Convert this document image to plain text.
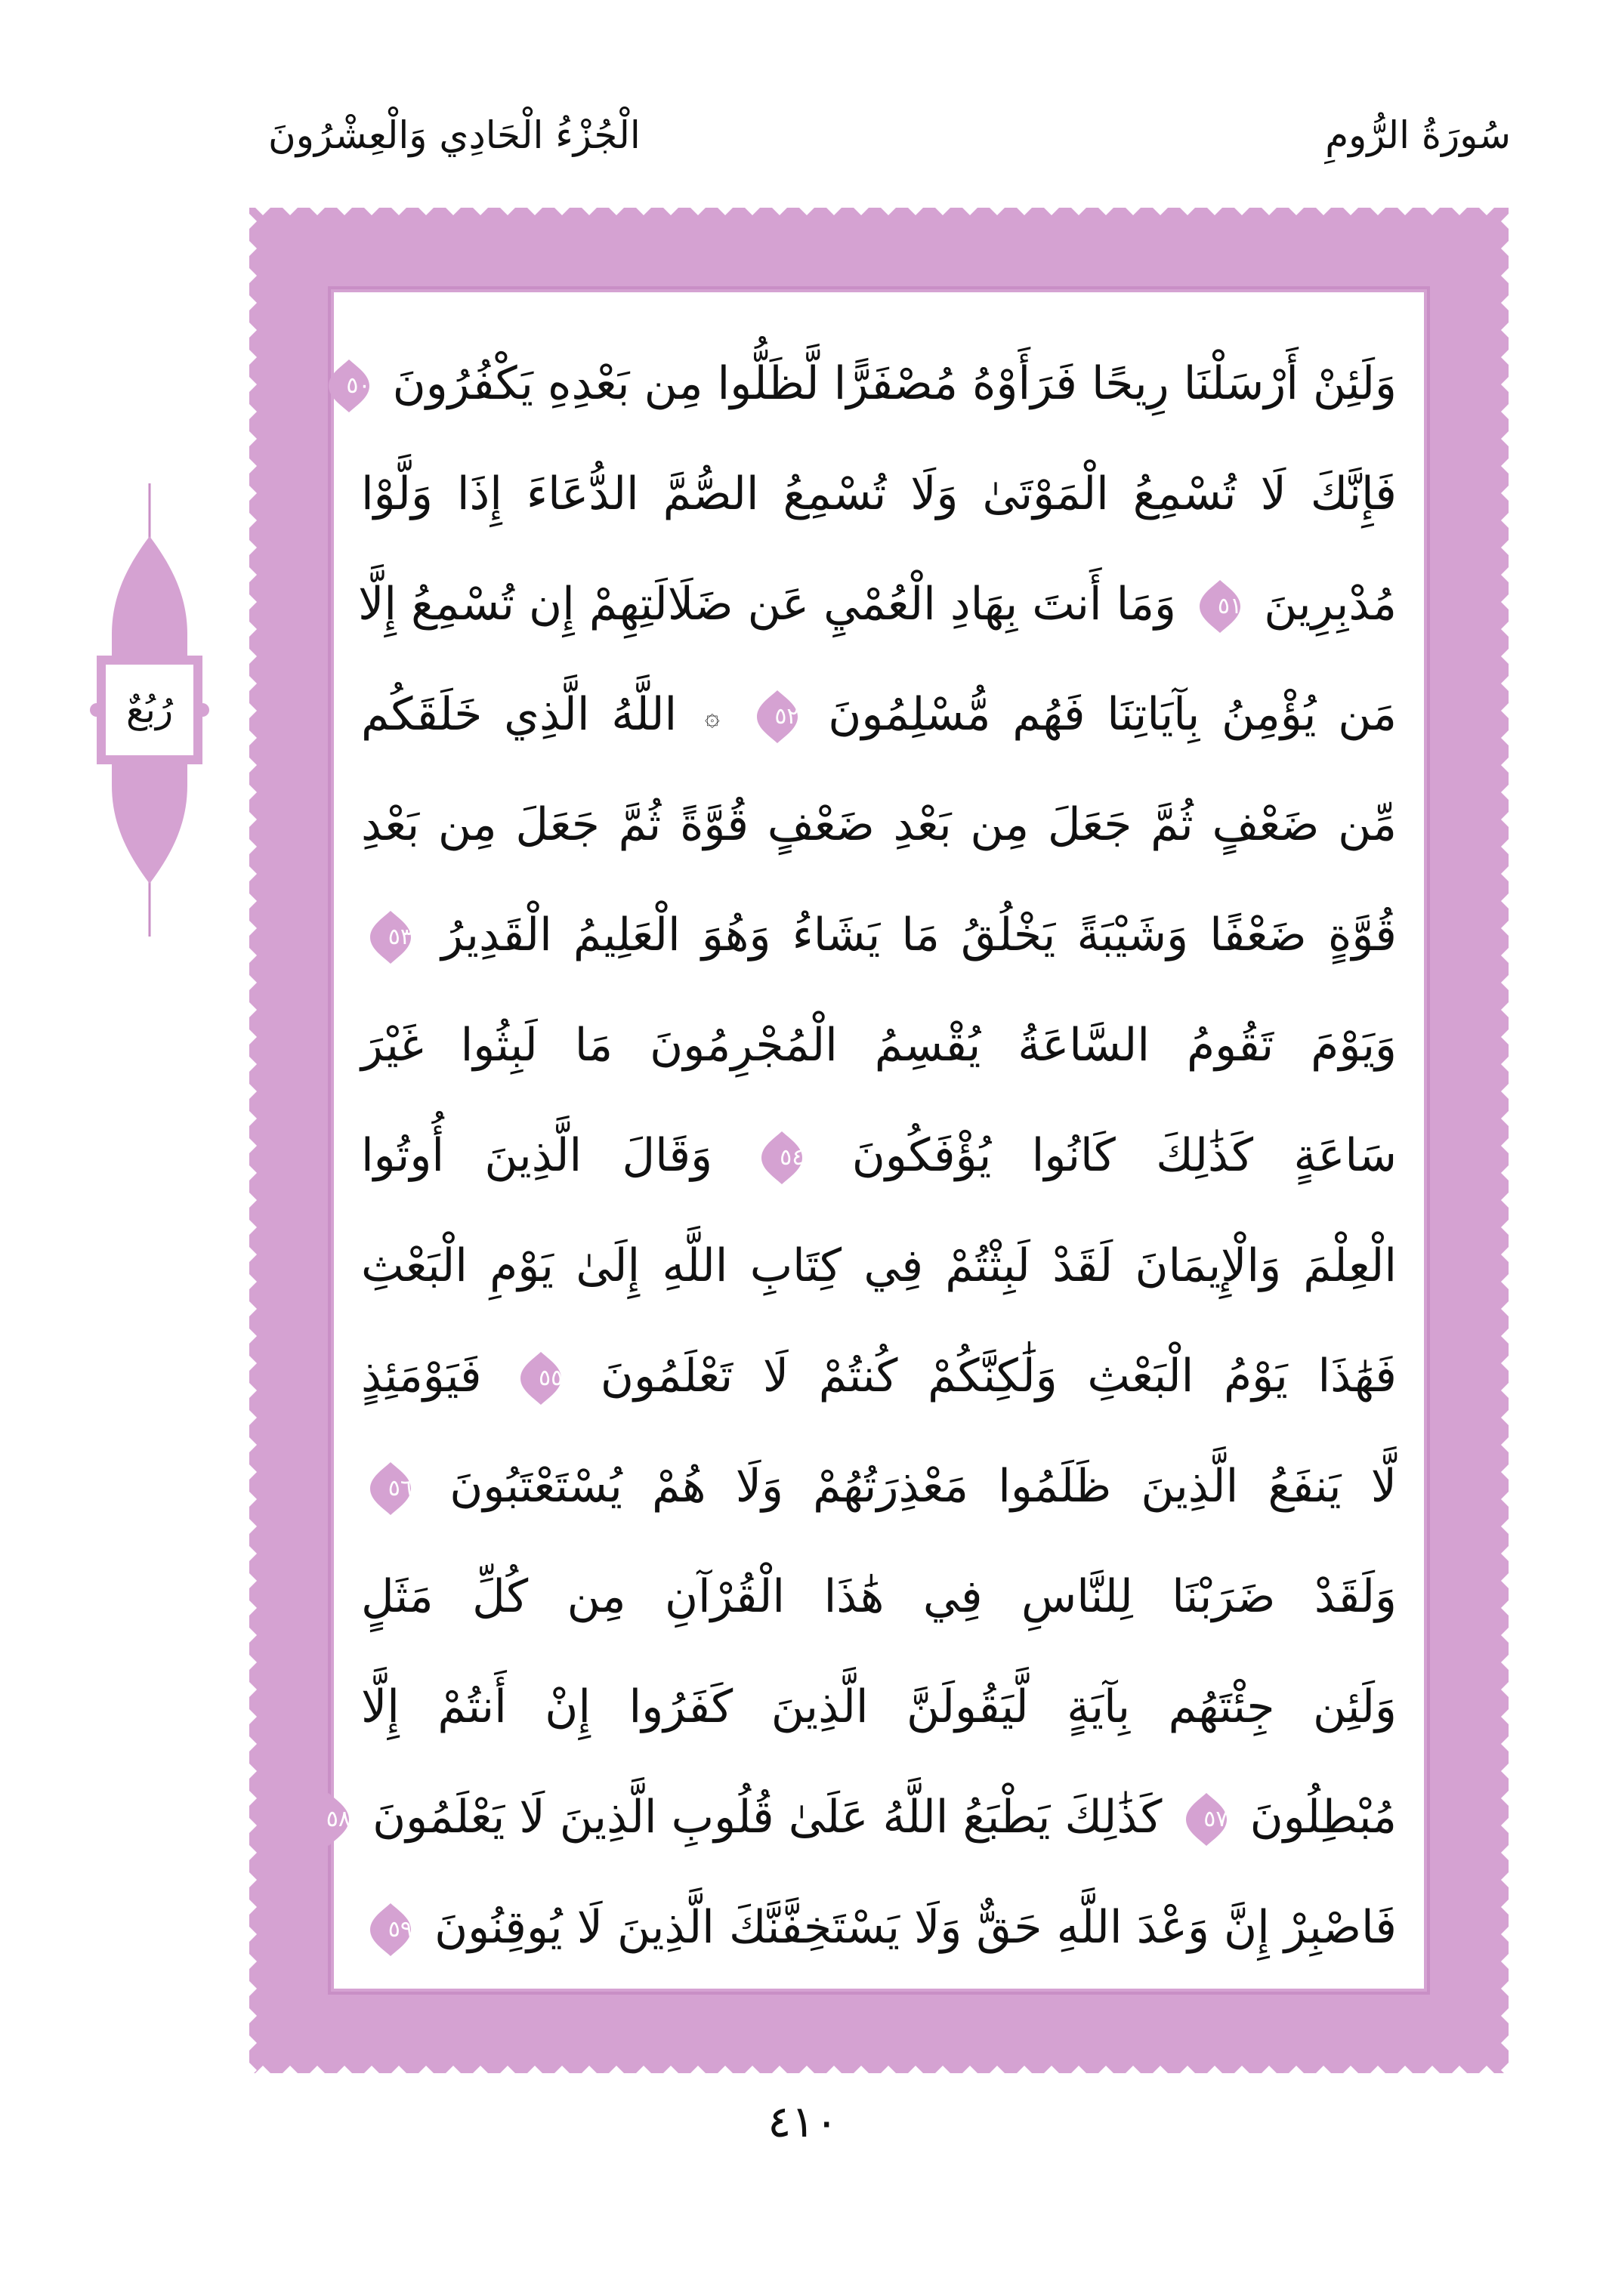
سُورَةُ الرُّومِ
الْجُزْءُ الْحَادِي وَالْعِشْرُونَ
رُبُعٌ
وَلَئِنْ أَرْسَلْنَا رِيحًا فَرَأَوْهُ مُصْفَرًّا لَّظَلُّوا مِن بَعْدِهِ يَكْفُرُونَ
٥٠
فَإِنَّكَ لَا تُسْمِعُ الْمَوْتَىٰ وَلَا تُسْمِعُ الصُّمَّ الدُّعَاءَ إِذَا وَلَّوْا
مُدْبِرِينَ
٥١
وَمَا أَنتَ بِهَادِ الْعُمْيِ عَن ضَلَالَتِهِمْ إِن تُسْمِعُ إِلَّا
مَن يُؤْمِنُ بِآيَاتِنَا فَهُم مُّسْلِمُونَ
٥٢
۞ اللَّهُ الَّذِي خَلَقَكُم
مِّن ضَعْفٍ ثُمَّ جَعَلَ مِن بَعْدِ ضَعْفٍ قُوَّةً ثُمَّ جَعَلَ مِن بَعْدِ
قُوَّةٍ ضَعْفًا وَشَيْبَةً يَخْلُقُ مَا يَشَاءُ وَهُوَ الْعَلِيمُ الْقَدِيرُ
٥٣
وَيَوْمَ تَقُومُ السَّاعَةُ يُقْسِمُ الْمُجْرِمُونَ مَا لَبِثُوا غَيْرَ
سَاعَةٍ كَذَٰلِكَ كَانُوا يُؤْفَكُونَ
٥٤
وَقَالَ الَّذِينَ أُوتُوا
الْعِلْمَ وَالْإِيمَانَ لَقَدْ لَبِثْتُمْ فِي كِتَابِ اللَّهِ إِلَىٰ يَوْمِ الْبَعْثِ
فَهَٰذَا يَوْمُ الْبَعْثِ وَلَٰكِنَّكُمْ كُنتُمْ لَا تَعْلَمُونَ
٥٥
فَيَوْمَئِذٍ
لَّا يَنفَعُ الَّذِينَ ظَلَمُوا مَعْذِرَتُهُمْ وَلَا هُمْ يُسْتَعْتَبُونَ
٥٦
وَلَقَدْ ضَرَبْنَا لِلنَّاسِ فِي هَٰذَا الْقُرْآنِ مِن كُلِّ مَثَلٍ
وَلَئِن جِئْتَهُم بِآيَةٍ لَّيَقُولَنَّ الَّذِينَ كَفَرُوا إِنْ أَنتُمْ إِلَّا
مُبْطِلُونَ
٥٧
كَذَٰلِكَ يَطْبَعُ اللَّهُ عَلَىٰ قُلُوبِ الَّذِينَ لَا يَعْلَمُونَ
٥٨
فَاصْبِرْ إِنَّ وَعْدَ اللَّهِ حَقٌّ وَلَا يَسْتَخِفَّنَّكَ الَّذِينَ لَا يُوقِنُونَ
٥٩
٤١٠
